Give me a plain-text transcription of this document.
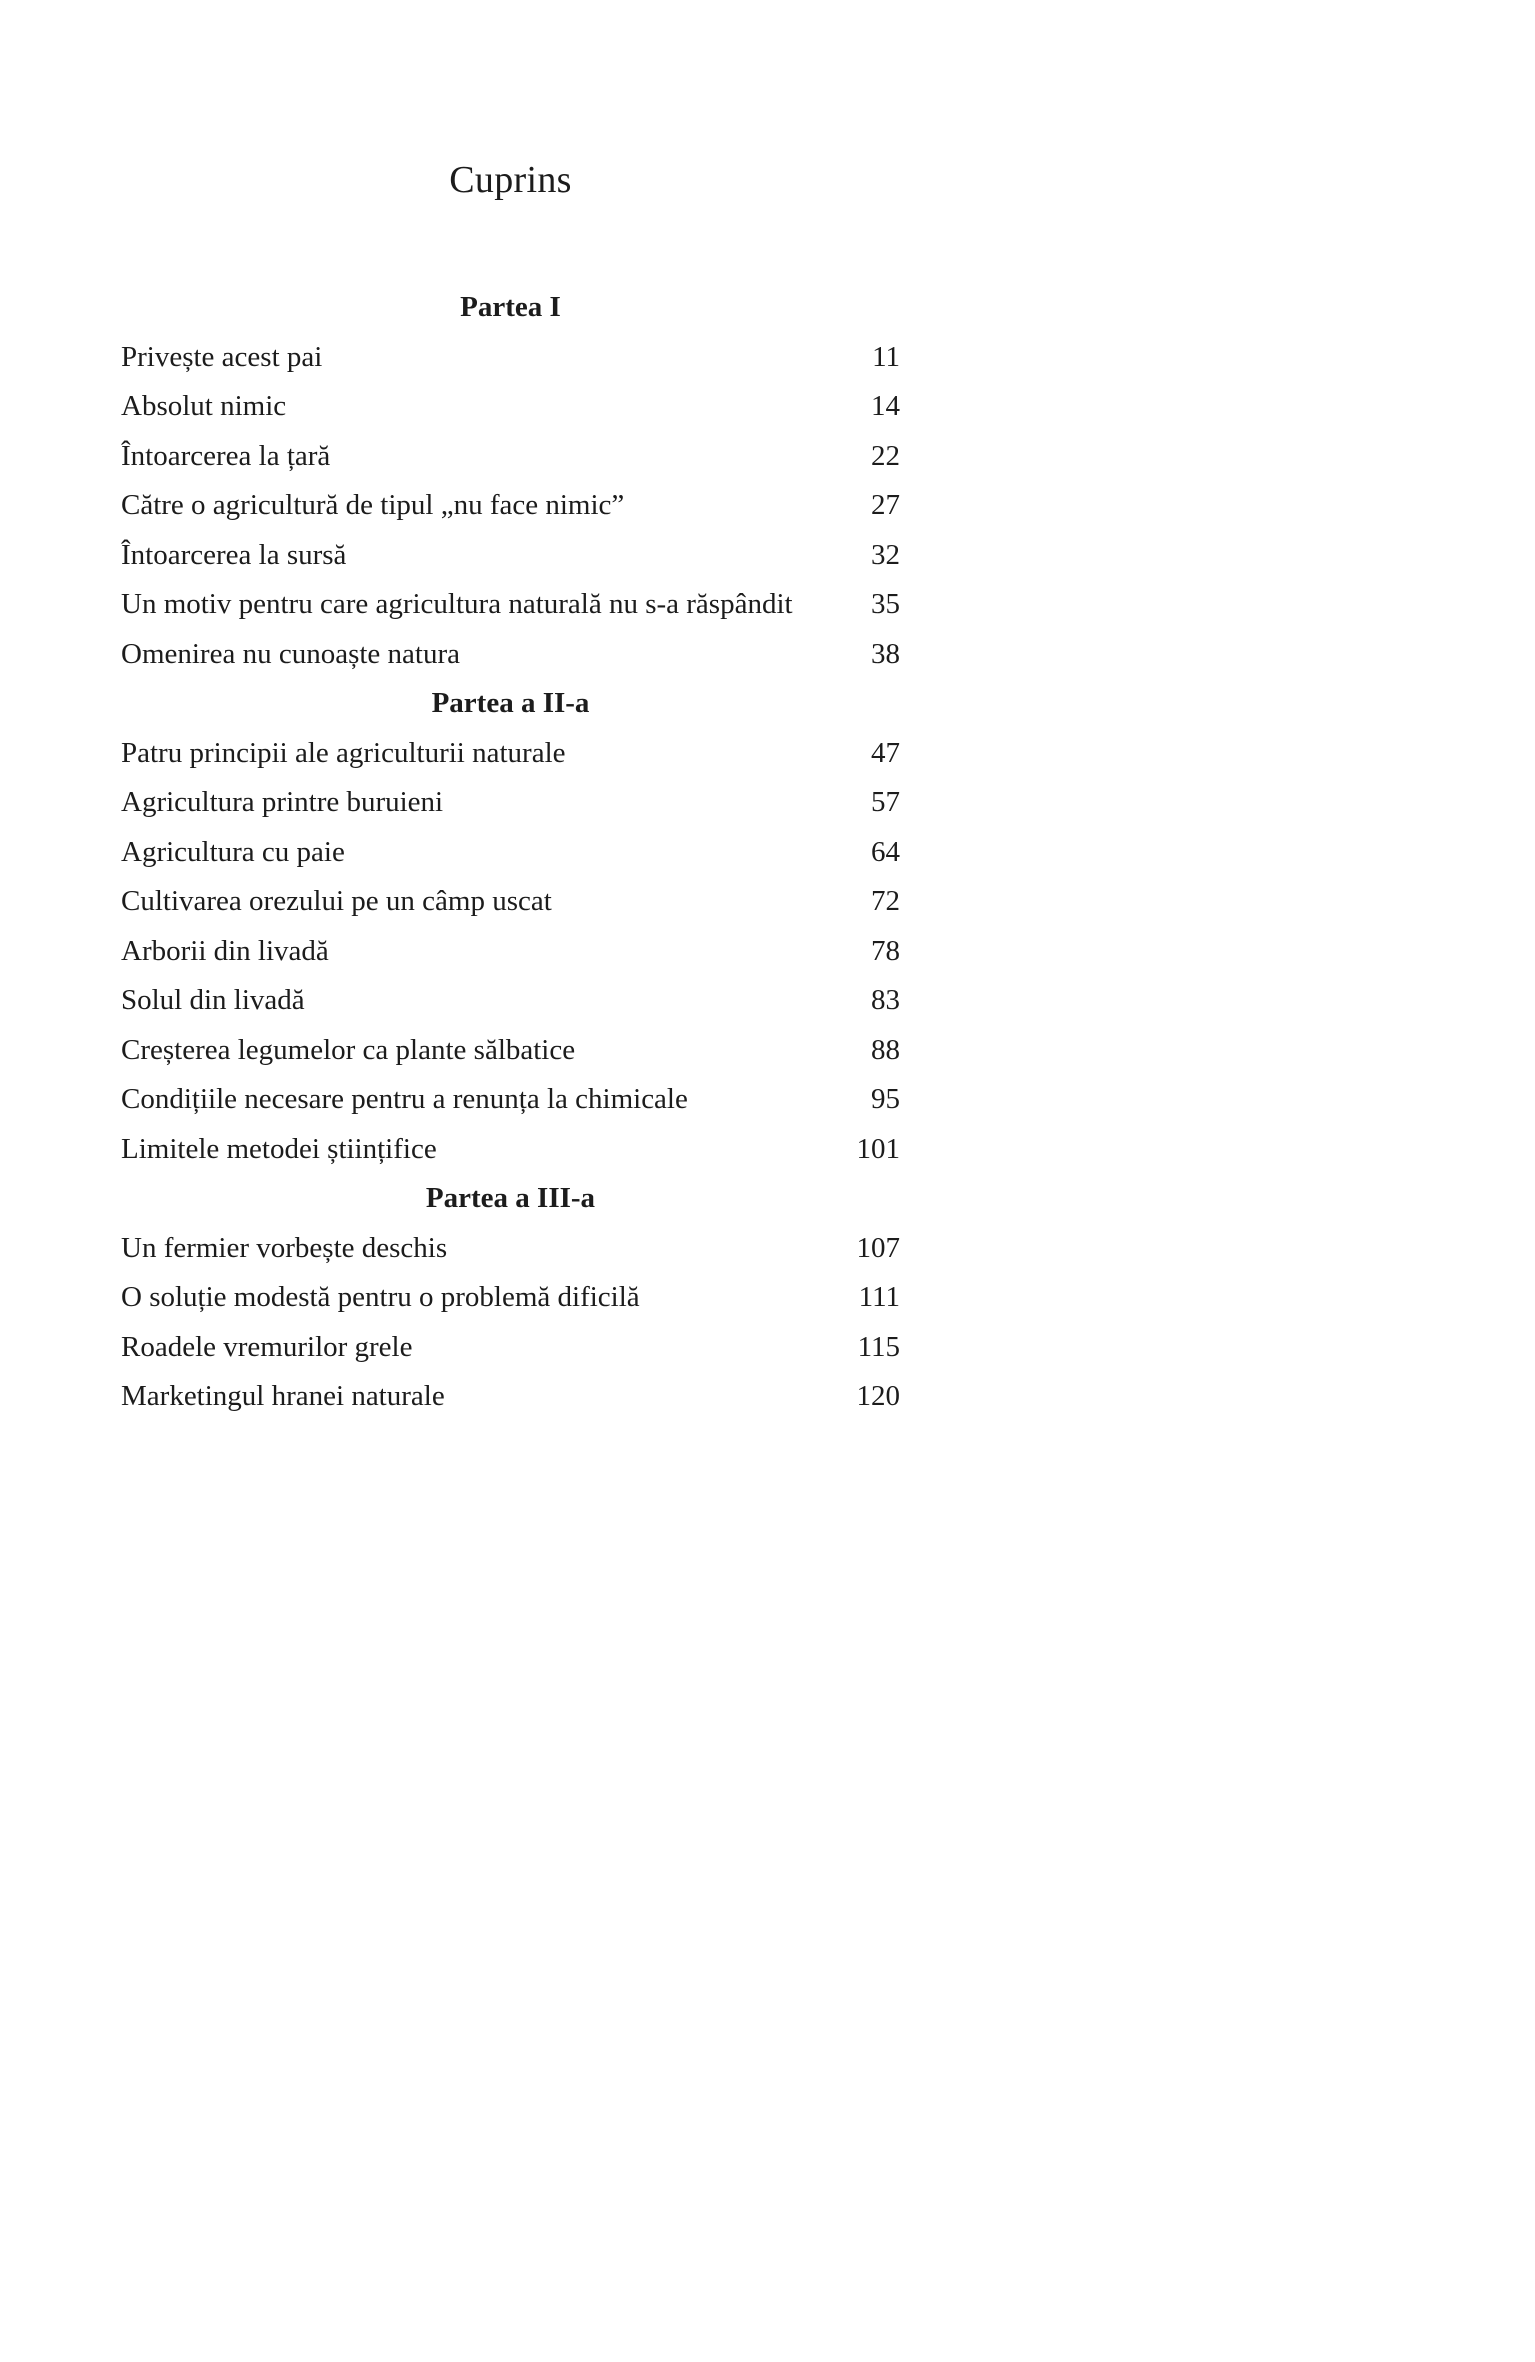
Cuprins
Partea I
Privește acest pai	11
Absolut nimic	14
Întoarcerea la țară	22
Către o agricultură de tipul „nu face nimic”	27
Întoarcerea la sursă	32
Un motiv pentru care agricultura naturală nu s-a răspândit	35
Omenirea nu cunoaște natura	38
Partea a II-a
Patru principii ale agriculturii naturale	47
Agricultura printre buruieni	57
Agricultura cu paie	64
Cultivarea orezului pe un câmp uscat	72
Arborii din livadă	78
Solul din livadă	83
Creșterea legumelor ca plante sălbatice	88
Condițiile necesare pentru a renunța la chimicale	95
Limitele metodei științifice	101
Partea a III-a
Un fermier vorbește deschis	107
O soluție modestă pentru o problemă dificilă	111
Roadele vremurilor grele	115
Marketingul hranei naturale	120
